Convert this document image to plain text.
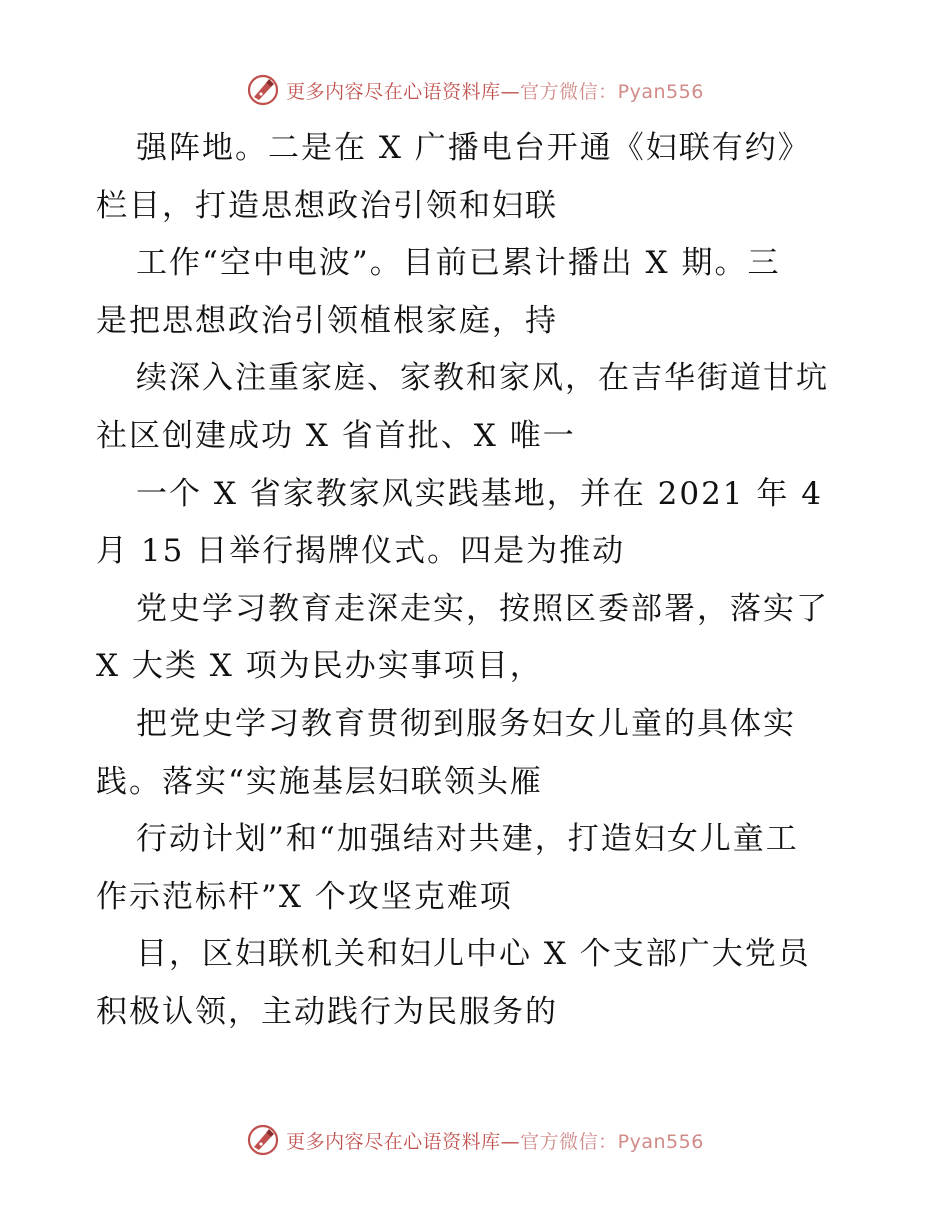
更多内容尽在心语资料库—官方微信：Pyan556
强阵地。二是在 X 广播电台开通《妇联有约》
栏目，打造思想政治引领和妇联
工作“空中电波”。目前已累计播出 X 期。三
是把思想政治引领植根家庭，持
续深入注重家庭、家教和家风，在吉华街道甘坑
社区创建成功 X 省首批、X 唯一
一个 X 省家教家风实践基地，并在 2021 年 4
月 15 日举行揭牌仪式。四是为推动
党史学习教育走深走实，按照区委部署，落实了
X 大类 X 项为民办实事项目，
把党史学习教育贯彻到服务妇女儿童的具体实
践。落实“实施基层妇联领头雁
行动计划”和“加强结对共建，打造妇女儿童工
作示范标杆”X 个攻坚克难项
目，区妇联机关和妇儿中心 X 个支部广大党员
积极认领，主动践行为民服务的
更多内容尽在心语资料库—官方微信：Pyan556
